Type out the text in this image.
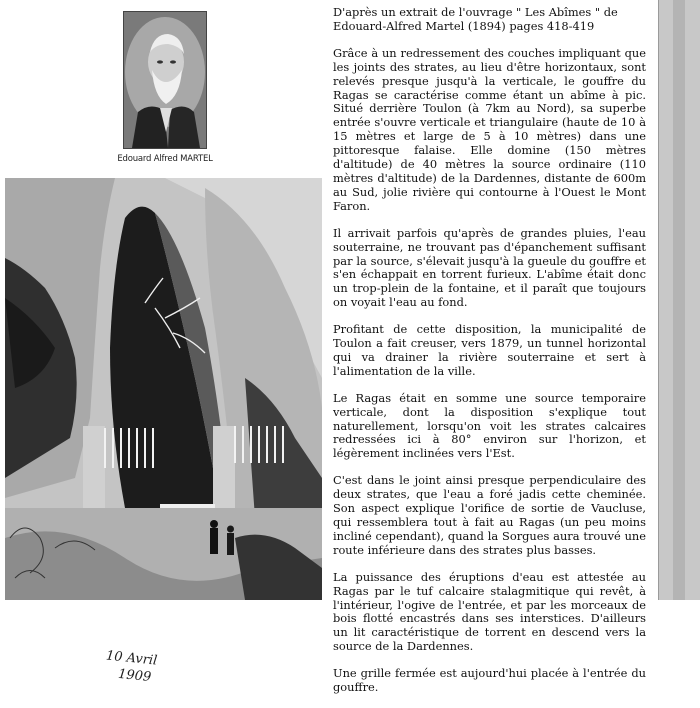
Edouard Alfred MARTEL
10 Avril
1909

D'après un extrait de l'ouvrage " Les Abîmes " de Edouard-Alfred Martel (1894) pages 418-419

Grâce à un redressement des couches impliquant que les joints des strates, au lieu d'être horizontaux, sont relevés presque jusqu'à la verticale, le gouffre du Ragas se caractérise comme étant un abîme à pic. Situé derrière Toulon (à 7km au Nord), sa superbe entrée s'ouvre verticale et triangulaire (haute de 10 à 15 mètres et large de 5 à 10 mètres) dans une pittoresque falaise. Elle domine (150 mètres d'altitude) de 40 mètres la source ordinaire (110 mètres d'altitude) de la Dardennes, distante de 600m au Sud, jolie rivière qui contourne à l'Ouest le Mont Faron.

Il arrivait parfois qu'après de grandes pluies, l'eau souterraine, ne trouvant pas d'épanchement suffisant par la source, s'élevait jusqu'à la gueule du gouffre et s'en échappait en torrent furieux. L'abîme était donc un trop-plein de la fontaine, et il paraît que toujours on voyait l'eau au fond.

Profitant de cette disposition, la municipalité de Toulon a fait creuser, vers 1879, un tunnel horizontal qui va drainer la rivière souterraine et sert à l'alimentation de la ville.

Le Ragas était en somme une source temporaire verticale, dont la disposition s'explique tout naturellement, lorsqu'on voit les strates calcaires redressées ici à 80° environ sur l'horizon, et légèrement inclinées vers l'Est.

C'est dans le joint ainsi presque perpendiculaire des deux strates, que l'eau a foré jadis cette cheminée. Son aspect explique l'orifice de sortie de Vaucluse, qui ressemblera tout à fait au Ragas (un peu moins incliné cependant), quand la Sorgues aura trouvé une route inférieure dans des strates plus basses.

La puissance des éruptions d'eau est attestée au Ragas par le tuf calcaire stalagmitique qui revêt, à l'intérieur, l'ogive de l'entrée, et par les morceaux de bois flotté encastrés dans ses interstices. D'ailleurs un lit caractéristique de torrent en descend vers la source de la Dardennes.

Une grille fermée est aujourd'hui placée à l'entrée du gouffre.
